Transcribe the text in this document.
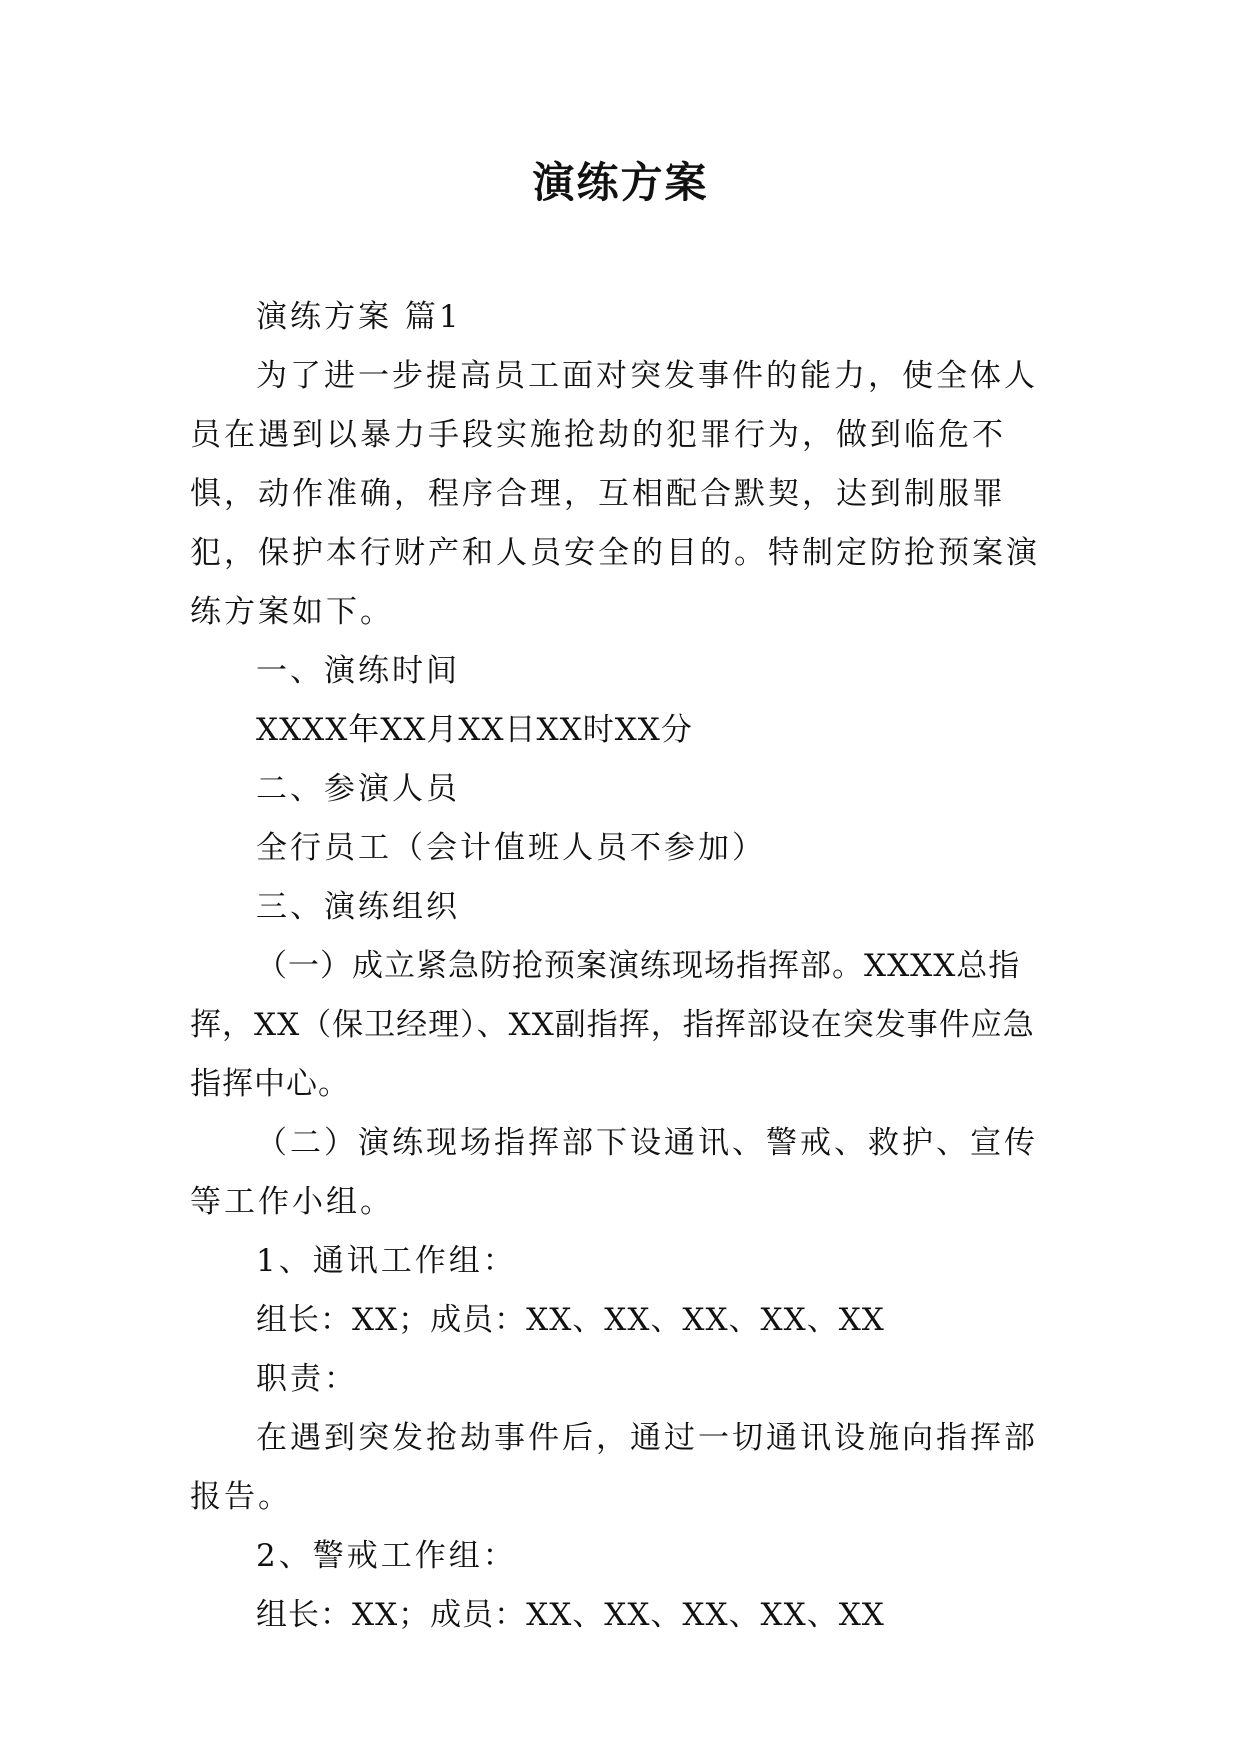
演练方案

演练方案 篇1

为了进一步提高员工面对突发事件的能力，使全体人员在遇到以暴力手段实施抢劫的犯罪行为，做到临危不惧，动作准确，程序合理，互相配合默契，达到制服罪犯，保护本行财产和人员安全的目的。特制定防抢预案演练方案如下。

一、演练时间

XXXX年XX月XX日XX时XX分

二、参演人员

全行员工（会计值班人员不参加）

三、演练组织

（一）成立紧急防抢预案演练现场指挥部。XXXX总指挥，XX（保卫经理）、XX副指挥，指挥部设在突发事件应急指挥中心。

（二）演练现场指挥部下设通讯、警戒、救护、宣传等工作小组。

1、通讯工作组：

组长：XX；成员：XX、XX、XX、XX、XX

职责：

在遇到突发抢劫事件后，通过一切通讯设施向指挥部报告。

2、警戒工作组：

组长：XX；成员：XX、XX、XX、XX、XX
